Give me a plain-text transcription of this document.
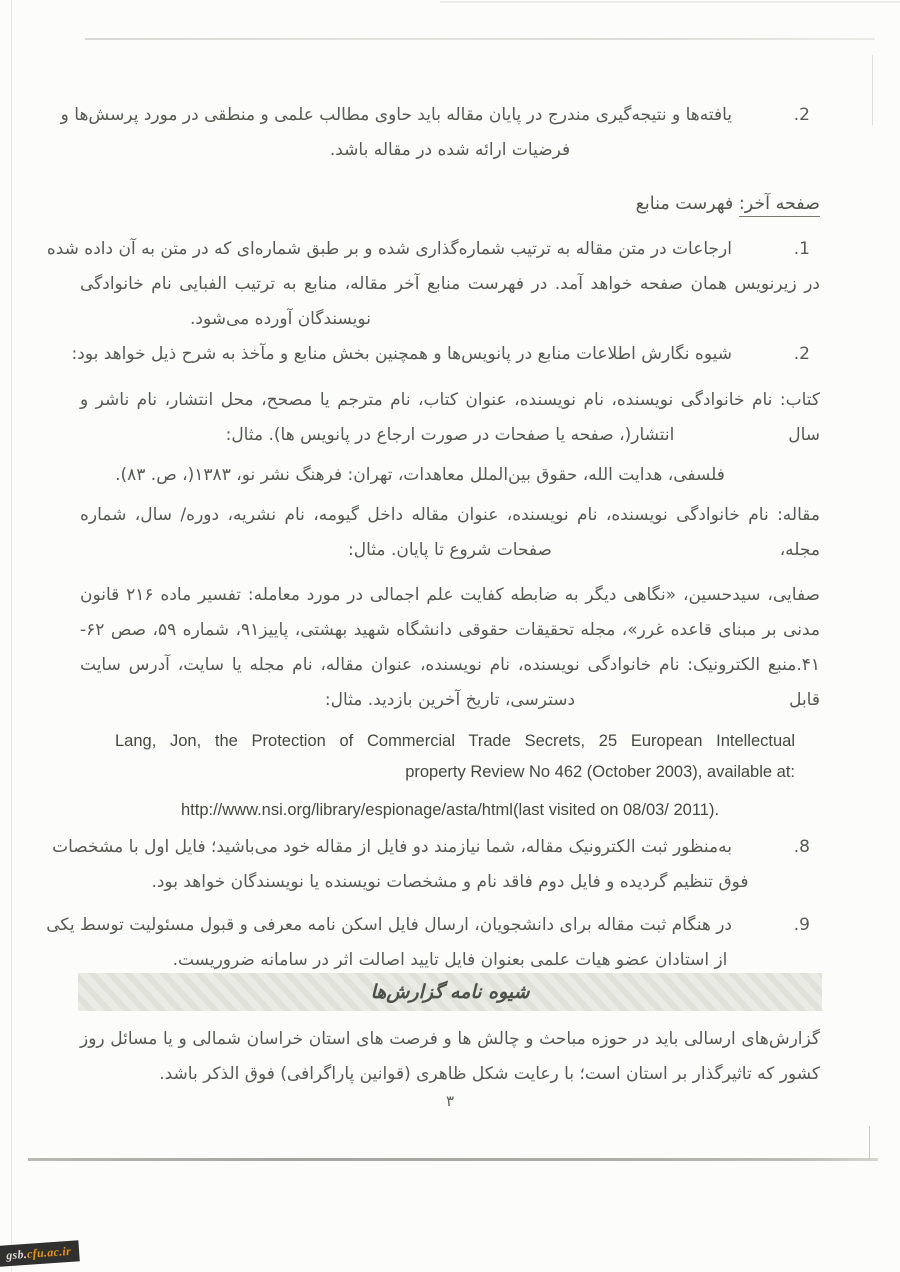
2.
یافته‌ها و نتیجه‌گیری مندرج در پایان مقاله باید حاوی مطالب علمی و منطقی در مورد پرسش‌ها و
فرضیات ارائه شده در مقاله باشد.
صفحه آخر: فهرست منابع
1.
ارجاعات در متن مقاله به ترتیب شماره‌گذاری شده و بر طبق شماره‌ای که در متن به آن داده شده
در زیرنویس همان صفحه خواهد آمد. در فهرست منابع آخر مقاله، منابع به ترتیب الفبایی نام خانوادگی
نویسندگان آورده می‌شود.
2.
شیوه نگارش اطلاعات منابع در پانویس‌ها و همچنین بخش منابع و مآخذ به شرح ذیل خواهد بود:
کتاب: نام خانوادگی نویسنده، نام نویسنده، عنوان کتاب، نام مترجم یا مصحح، محل انتشار، نام ناشر و سال
انتشار(، صفحه یا صفحات در صورت ارجاع در پانویس ها). مثال:
فلسفی، هدایت الله، حقوق بین‌الملل معاهدات، تهران: فرهنگ نشر نو، ۱۳۸۳(، ص. ۸۳).
مقاله: نام خانوادگی نویسنده، نام نویسنده، عنوان مقاله داخل گیومه، نام نشریه، دوره/ سال، شماره مجله،
صفحات شروع تا پایان. مثال:
صفایی، سیدحسین، «نگاهی دیگر به ضابطه کفایت علم اجمالی در مورد معامله: تفسیر ماده ۲۱۶ قانون
مدنی بر مبنای قاعده غرر»، مجله تحقیقات حقوقی دانشگاه شهید بهشتی، پاییز۹۱، شماره ۵۹، صص ۶۲-
۴۱.منبع الکترونیک: نام خانوادگی نویسنده، نام نویسنده، عنوان مقاله، نام مجله یا سایت، آدرس سایت قابل
دسترسی، تاریخ آخرین بازدید. مثال:
Lang, Jon, the Protection of Commercial Trade Secrets, 25 European Intellectual
property Review No 462 (October 2003), available at:
http://www.nsi.org/library/espionage/asta/html(last visited on 08/03/ 2011).
8.
به‌منظور ثبت الکترونیک مقاله، شما نیازمند دو فایل از مقاله خود می‌باشید؛ فایل اول با مشخصات
فوق تنظیم گردیده و فایل دوم فاقد نام و مشخصات نویسنده یا نویسندگان خواهد بود.
9.
در هنگام ثبت مقاله برای دانشجویان، ارسال فایل اسکن نامه معرفی و قبول مسئولیت توسط یکی
از استادان عضو هیات علمی بعنوان فایل تایید اصالت اثر در سامانه ضروریست.
شیوه نامه گزارش‌ها
گزارش‌های ارسالی باید در حوزه مباحث و چالش ها و فرصت های استان خراسان شمالی و یا مسائل روز
کشور که تاثیرگذار بر استان است؛ با رعایت شکل ظاهری (قوانین پاراگرافی) فوق الذکر باشد.
۳
gsb. cfu.ac.ir
